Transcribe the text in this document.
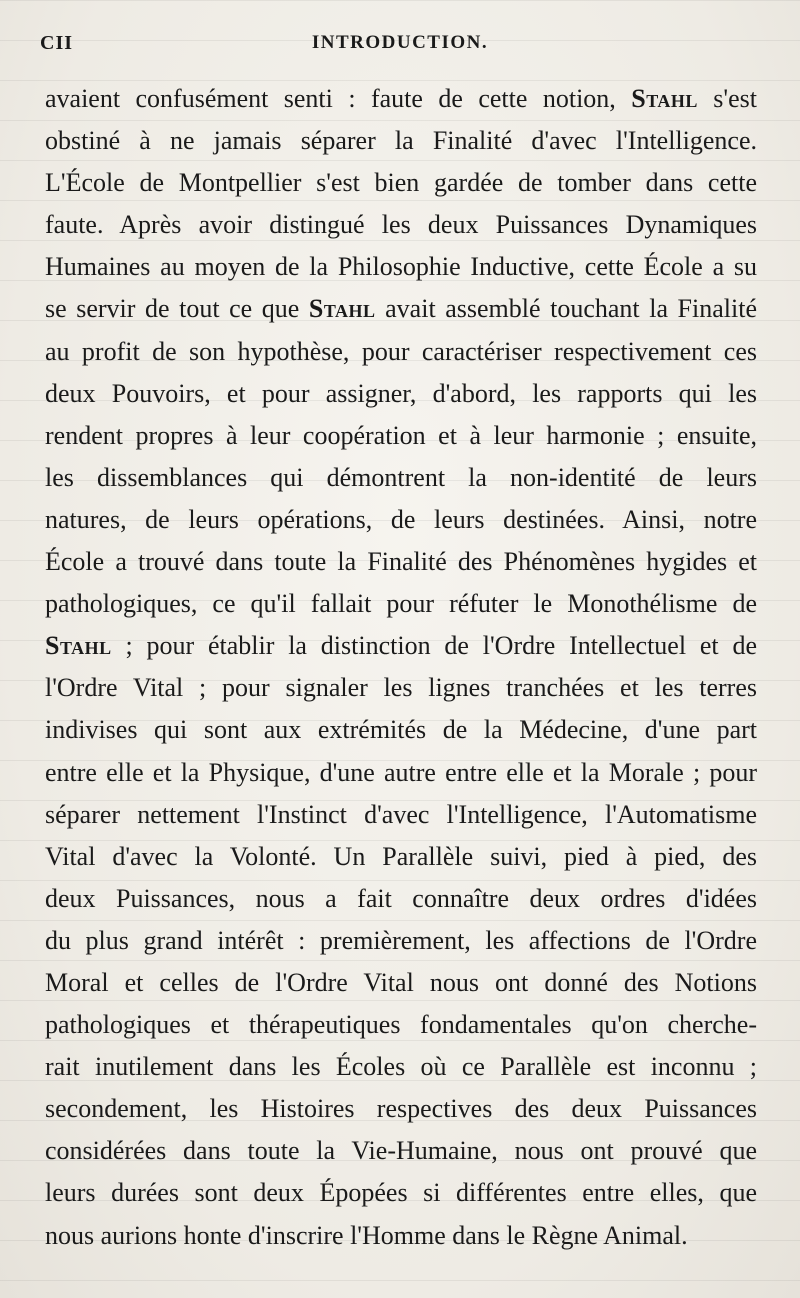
CII	INTRODUCTION.
avaient confusément senti : faute de cette notion, Stahl s'est
obstiné à ne jamais séparer la Finalité d'avec l'Intelligence.
L'École de Montpellier s'est bien gardée de tomber dans cette
faute. Après avoir distingué les deux Puissances Dynamiques
Humaines au moyen de la Philosophie Inductive, cette École a su
se servir de tout ce que Stahl avait assemblé touchant la Finalité
au profit de son hypothèse, pour caractériser respectivement ces
deux Pouvoirs, et pour assigner, d'abord, les rapports qui les
rendent propres à leur coopération et à leur harmonie ; ensuite,
les dissemblances qui démontrent la non-identité de leurs
natures, de leurs opérations, de leurs destinées. Ainsi, notre
École a trouvé dans toute la Finalité des Phénomènes hygides et
pathologiques, ce qu'il fallait pour réfuter le Monothélisme de
Stahl ; pour établir la distinction de l'Ordre Intellectuel et de
l'Ordre Vital ; pour signaler les lignes tranchées et les terres
indivises qui sont aux extrémités de la Médecine, d'une part
entre elle et la Physique, d'une autre entre elle et la Morale ; pour
séparer nettement l'Instinct d'avec l'Intelligence, l'Automatisme
Vital d'avec la Volonté. Un Parallèle suivi, pied à pied, des
deux Puissances, nous a fait connaître deux ordres d'idées
du plus grand intérêt : premièrement, les affections de l'Ordre
Moral et celles de l'Ordre Vital nous ont donné des Notions
pathologiques et thérapeutiques fondamentales qu'on cherche-
rait inutilement dans les Écoles où ce Parallèle est inconnu ;
secondement, les Histoires respectives des deux Puissances
considérées dans toute la Vie-Humaine, nous ont prouvé que
leurs durées sont deux Épopées si différentes entre elles, que
nous aurions honte d'inscrire l'Homme dans le Règne Animal.
